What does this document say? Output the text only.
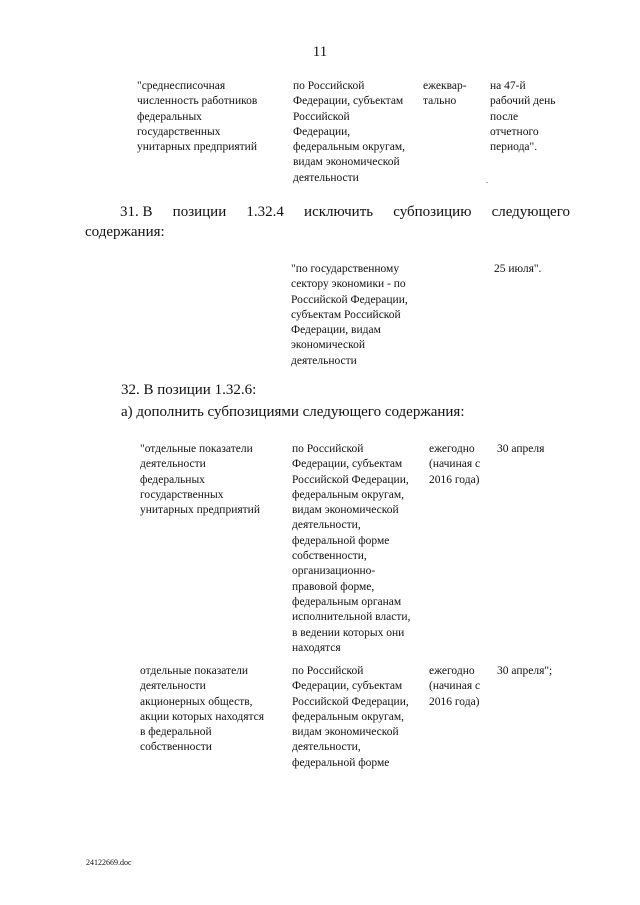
11
"среднесписочная
численность работников
федеральных
государственных
унитарных предприятий
по Российской
Федерации, субъектам
Российской
Федерации,
федеральным округам,
видам экономической
деятельности
ежеквар-
тально
на 47-й
рабочий день
после
отчетного
периода".
.
31. В позиции 1.32.4 исключить субпозицию следующего
содержания:
"по государственному
сектору экономики - по
Российской Федерации,
субъектам Российской
Федерации, видам
экономической
деятельности
25 июля".
32. В позиции 1.32.6:
а) дополнить субпозициями следующего содержания:
"отдельные показатели
деятельности
федеральных
государственных
унитарных предприятий
по Российской
Федерации, субъектам
Российской Федерации,
федеральным округам,
видам экономической
деятельности,
федеральной форме
собственности,
организационно-
правовой форме,
федеральным органам
исполнительной власти,
в ведении которых они
находятся
ежегодно
(начиная с
2016 года)
30 апреля
отдельные показатели
деятельности
акционерных обществ,
акции которых находятся
в федеральной
собственности
по Российской
Федерации, субъектам
Российской Федерации,
федеральным округам,
видам экономической
деятельности,
федеральной форме
ежегодно
(начиная с
2016 года)
30 апреля";
24122669.doc
